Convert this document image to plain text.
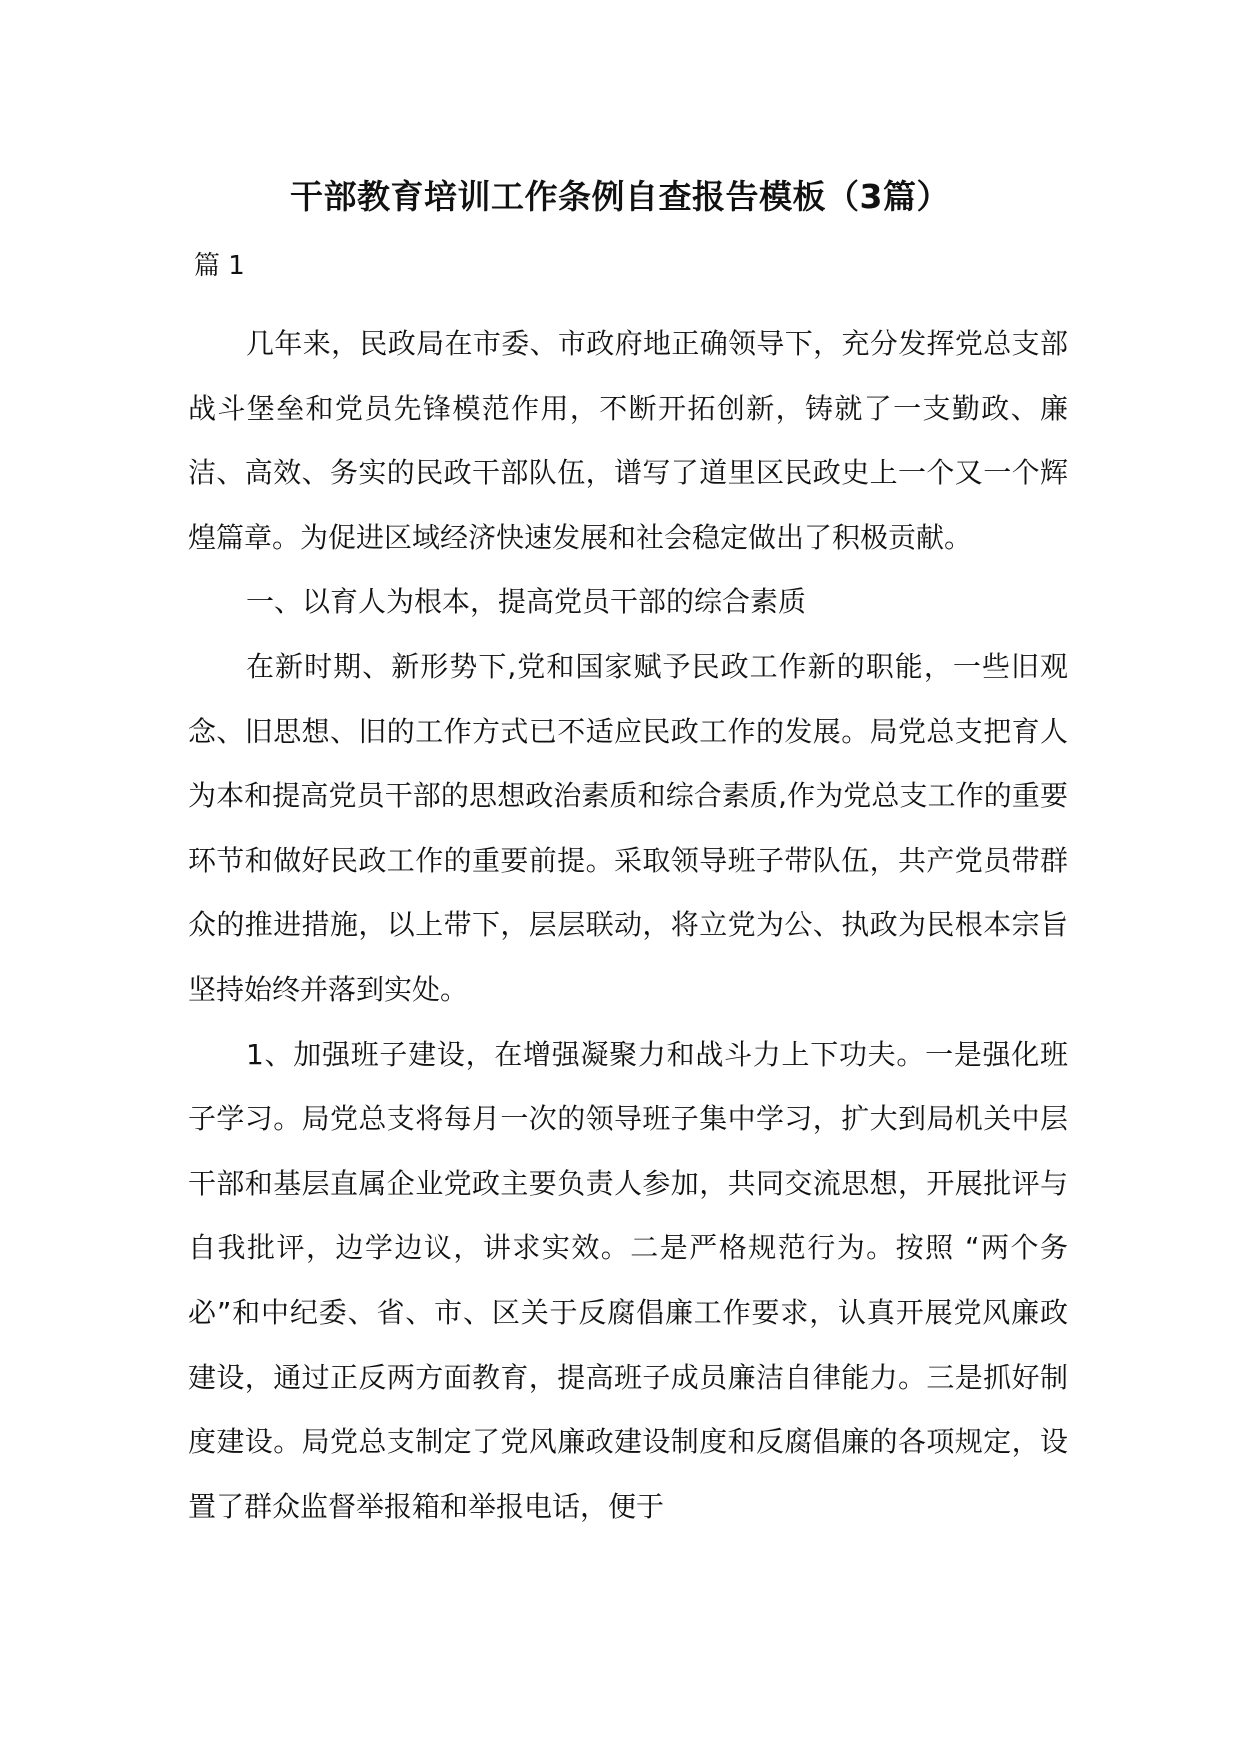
干部教育培训工作条例自查报告模板（3篇）
篇 1

几年来，民政局在市委、市政府地正确领导下，充分发挥党总支部战斗堡垒和党员先锋模范作用，不断开拓创新，铸就了一支勤政、廉洁、高效、务实的民政干部队伍，谱写了道里区民政史上一个又一个辉煌篇章。为促进区域经济快速发展和社会稳定做出了积极贡献。

一、以育人为根本，提高党员干部的综合素质

在新时期、新形势下,党和国家赋予民政工作新的职能，一些旧观念、旧思想、旧的工作方式已不适应民政工作的发展。局党总支把育人为本和提高党员干部的思想政治素质和综合素质,作为党总支工作的重要环节和做好民政工作的重要前提。采取领导班子带队伍，共产党员带群众的推进措施，以上带下，层层联动，将立党为公、执政为民根本宗旨坚持始终并落到实处。

1、加强班子建设，在增强凝聚力和战斗力上下功夫。一是强化班子学习。局党总支将每月一次的领导班子集中学习，扩大到局机关中层干部和基层直属企业党政主要负责人参加，共同交流思想，开展批评与自我批评，边学边议，讲求实效。二是严格规范行为。按照 “两个务必”和中纪委、省、市、区关于反腐倡廉工作要求，认真开展党风廉政建设，通过正反两方面教育，提高班子成员廉洁自律能力。三是抓好制度建设。局党总支制定了党风廉政建设制度和反腐倡廉的各项规定，设置了群众监督举报箱和举报电话，便于
